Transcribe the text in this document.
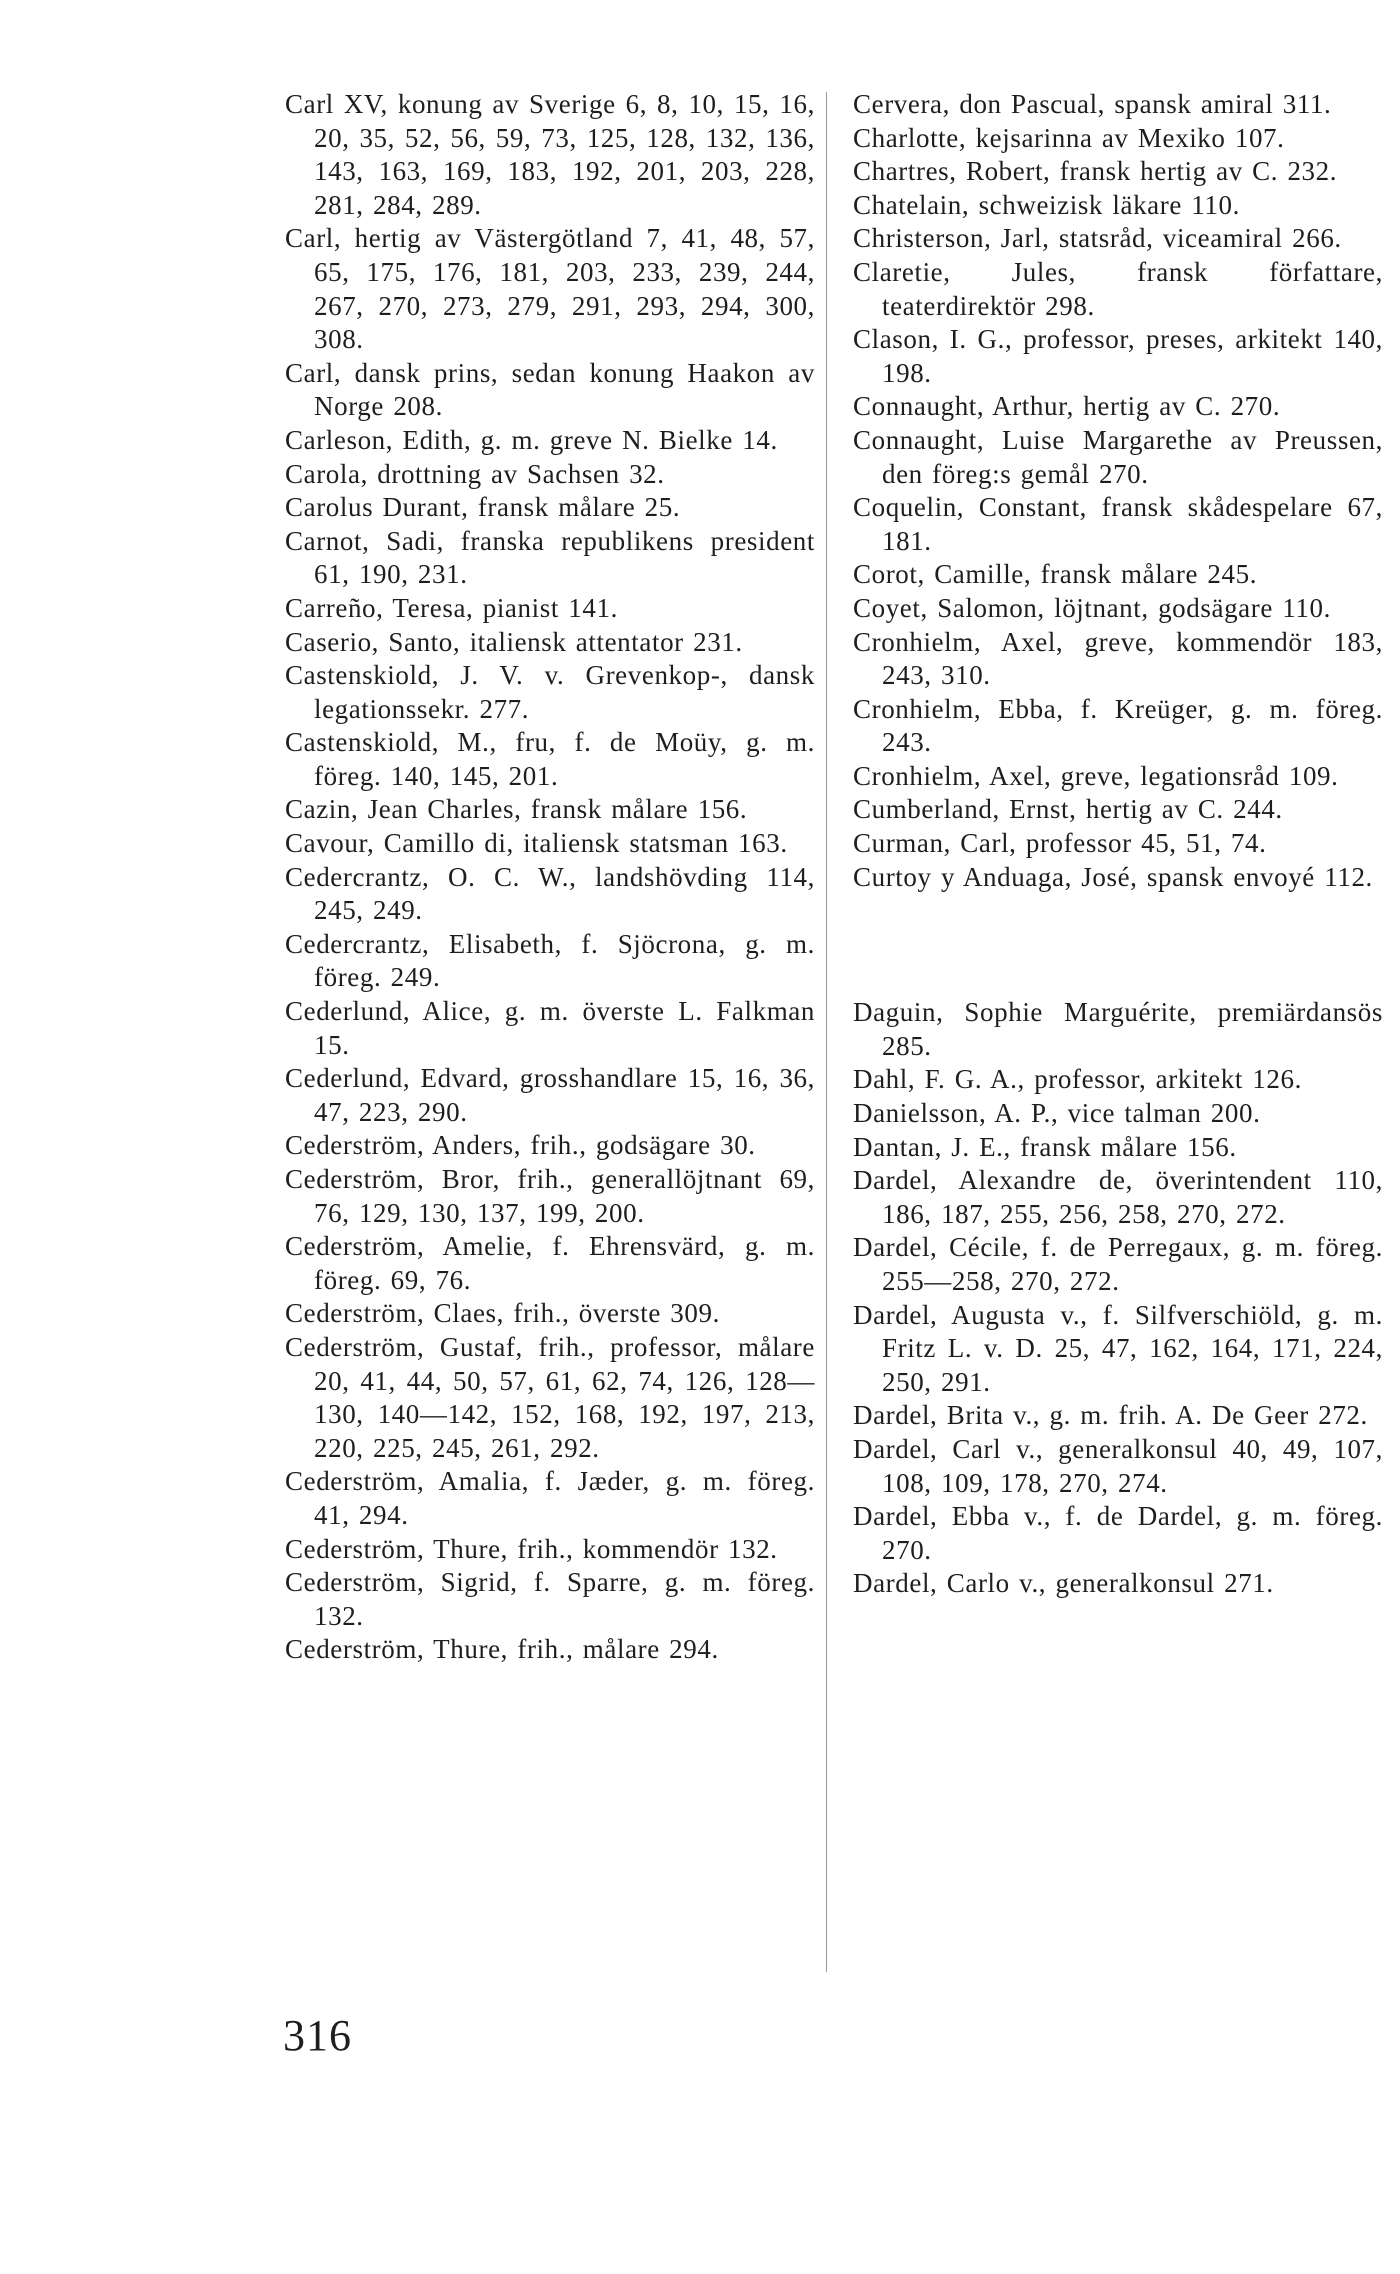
Carl XV, konung av Sverige 6, 8, 10, 15, 16, 20, 35, 52, 56, 59, 73, 125, 128, 132, 136, 143, 163, 169, 183, 192, 201, 203, 228, 281, 284, 289.

Carl, hertig av Västergötland 7, 41, 48, 57, 65, 175, 176, 181, 203, 233, 239, 244, 267, 270, 273, 279, 291, 293, 294, 300, 308.

Carl, dansk prins, sedan konung Haakon av Norge 208.

Carleson, Edith, g. m. greve N. Bielke 14.

Carola, drottning av Sachsen 32.

Carolus Durant, fransk målare 25.

Carnot, Sadi, franska republikens president 61, 190, 231.

Carreño, Teresa, pianist 141.

Caserio, Santo, italiensk attentator 231.

Castenskiold, J. V. v. Grevenkop-, dansk legationssekr. 277.

Castenskiold, M., fru, f. de Moüy, g. m. föreg. 140, 145, 201.

Cazin, Jean Charles, fransk målare 156.

Cavour, Camillo di, italiensk statsman 163.

Cedercrantz, O. C. W., landshövding 114, 245, 249.

Cedercrantz, Elisabeth, f. Sjöcrona, g. m. föreg. 249.

Cederlund, Alice, g. m. överste L. Falkman 15.

Cederlund, Edvard, grosshandlare 15, 16, 36, 47, 223, 290.

Cederström, Anders, frih., godsägare 30.

Cederström, Bror, frih., generallöjtnant 69, 76, 129, 130, 137, 199, 200.

Cederström, Amelie, f. Ehrensvärd, g. m. föreg. 69, 76.

Cederström, Claes, frih., överste 309.

Cederström, Gustaf, frih., professor, målare 20, 41, 44, 50, 57, 61, 62, 74, 126, 128—130, 140—142, 152, 168, 192, 197, 213, 220, 225, 245, 261, 292.

Cederström, Amalia, f. Jæder, g. m. föreg. 41, 294.

Cederström, Thure, frih., kommendör 132.

Cederström, Sigrid, f. Sparre, g. m. föreg. 132.

Cederström, Thure, frih., målare 294.

Cervera, don Pascual, spansk amiral 311.

Charlotte, kejsarinna av Mexiko 107.

Chartres, Robert, fransk hertig av C. 232.

Chatelain, schweizisk läkare 110.

Christerson, Jarl, statsråd, viceamiral 266.

Claretie, Jules, fransk författare, teaterdirektör 298.

Clason, I. G., professor, preses, arkitekt 140, 198.

Connaught, Arthur, hertig av C. 270.

Connaught, Luise Margarethe av Preussen, den föreg:s gemål 270.

Coquelin, Constant, fransk skådespelare 67, 181.

Corot, Camille, fransk målare 245.

Coyet, Salomon, löjtnant, godsägare 110.

Cronhielm, Axel, greve, kommendör 183, 243, 310.

Cronhielm, Ebba, f. Kreüger, g. m. föreg. 243.

Cronhielm, Axel, greve, legationsråd 109.

Cumberland, Ernst, hertig av C. 244.

Curman, Carl, professor 45, 51, 74.

Curtoy y Anduaga, José, spansk envoyé 112.

Daguin, Sophie Marguérite, premiärdansös 285.

Dahl, F. G. A., professor, arkitekt 126.

Danielsson, A. P., vice talman 200.

Dantan, J. E., fransk målare 156.

Dardel, Alexandre de, överintendent 110, 186, 187, 255, 256, 258, 270, 272.

Dardel, Cécile, f. de Perregaux, g. m. föreg. 255—258, 270, 272.

Dardel, Augusta v., f. Silfverschiöld, g. m. Fritz L. v. D. 25, 47, 162, 164, 171, 224, 250, 291.

Dardel, Brita v., g. m. frih. A. De Geer 272.

Dardel, Carl v., generalkonsul 40, 49, 107, 108, 109, 178, 270, 274.

Dardel, Ebba v., f. de Dardel, g. m. föreg. 270.

Dardel, Carlo v., generalkonsul 271.

316
